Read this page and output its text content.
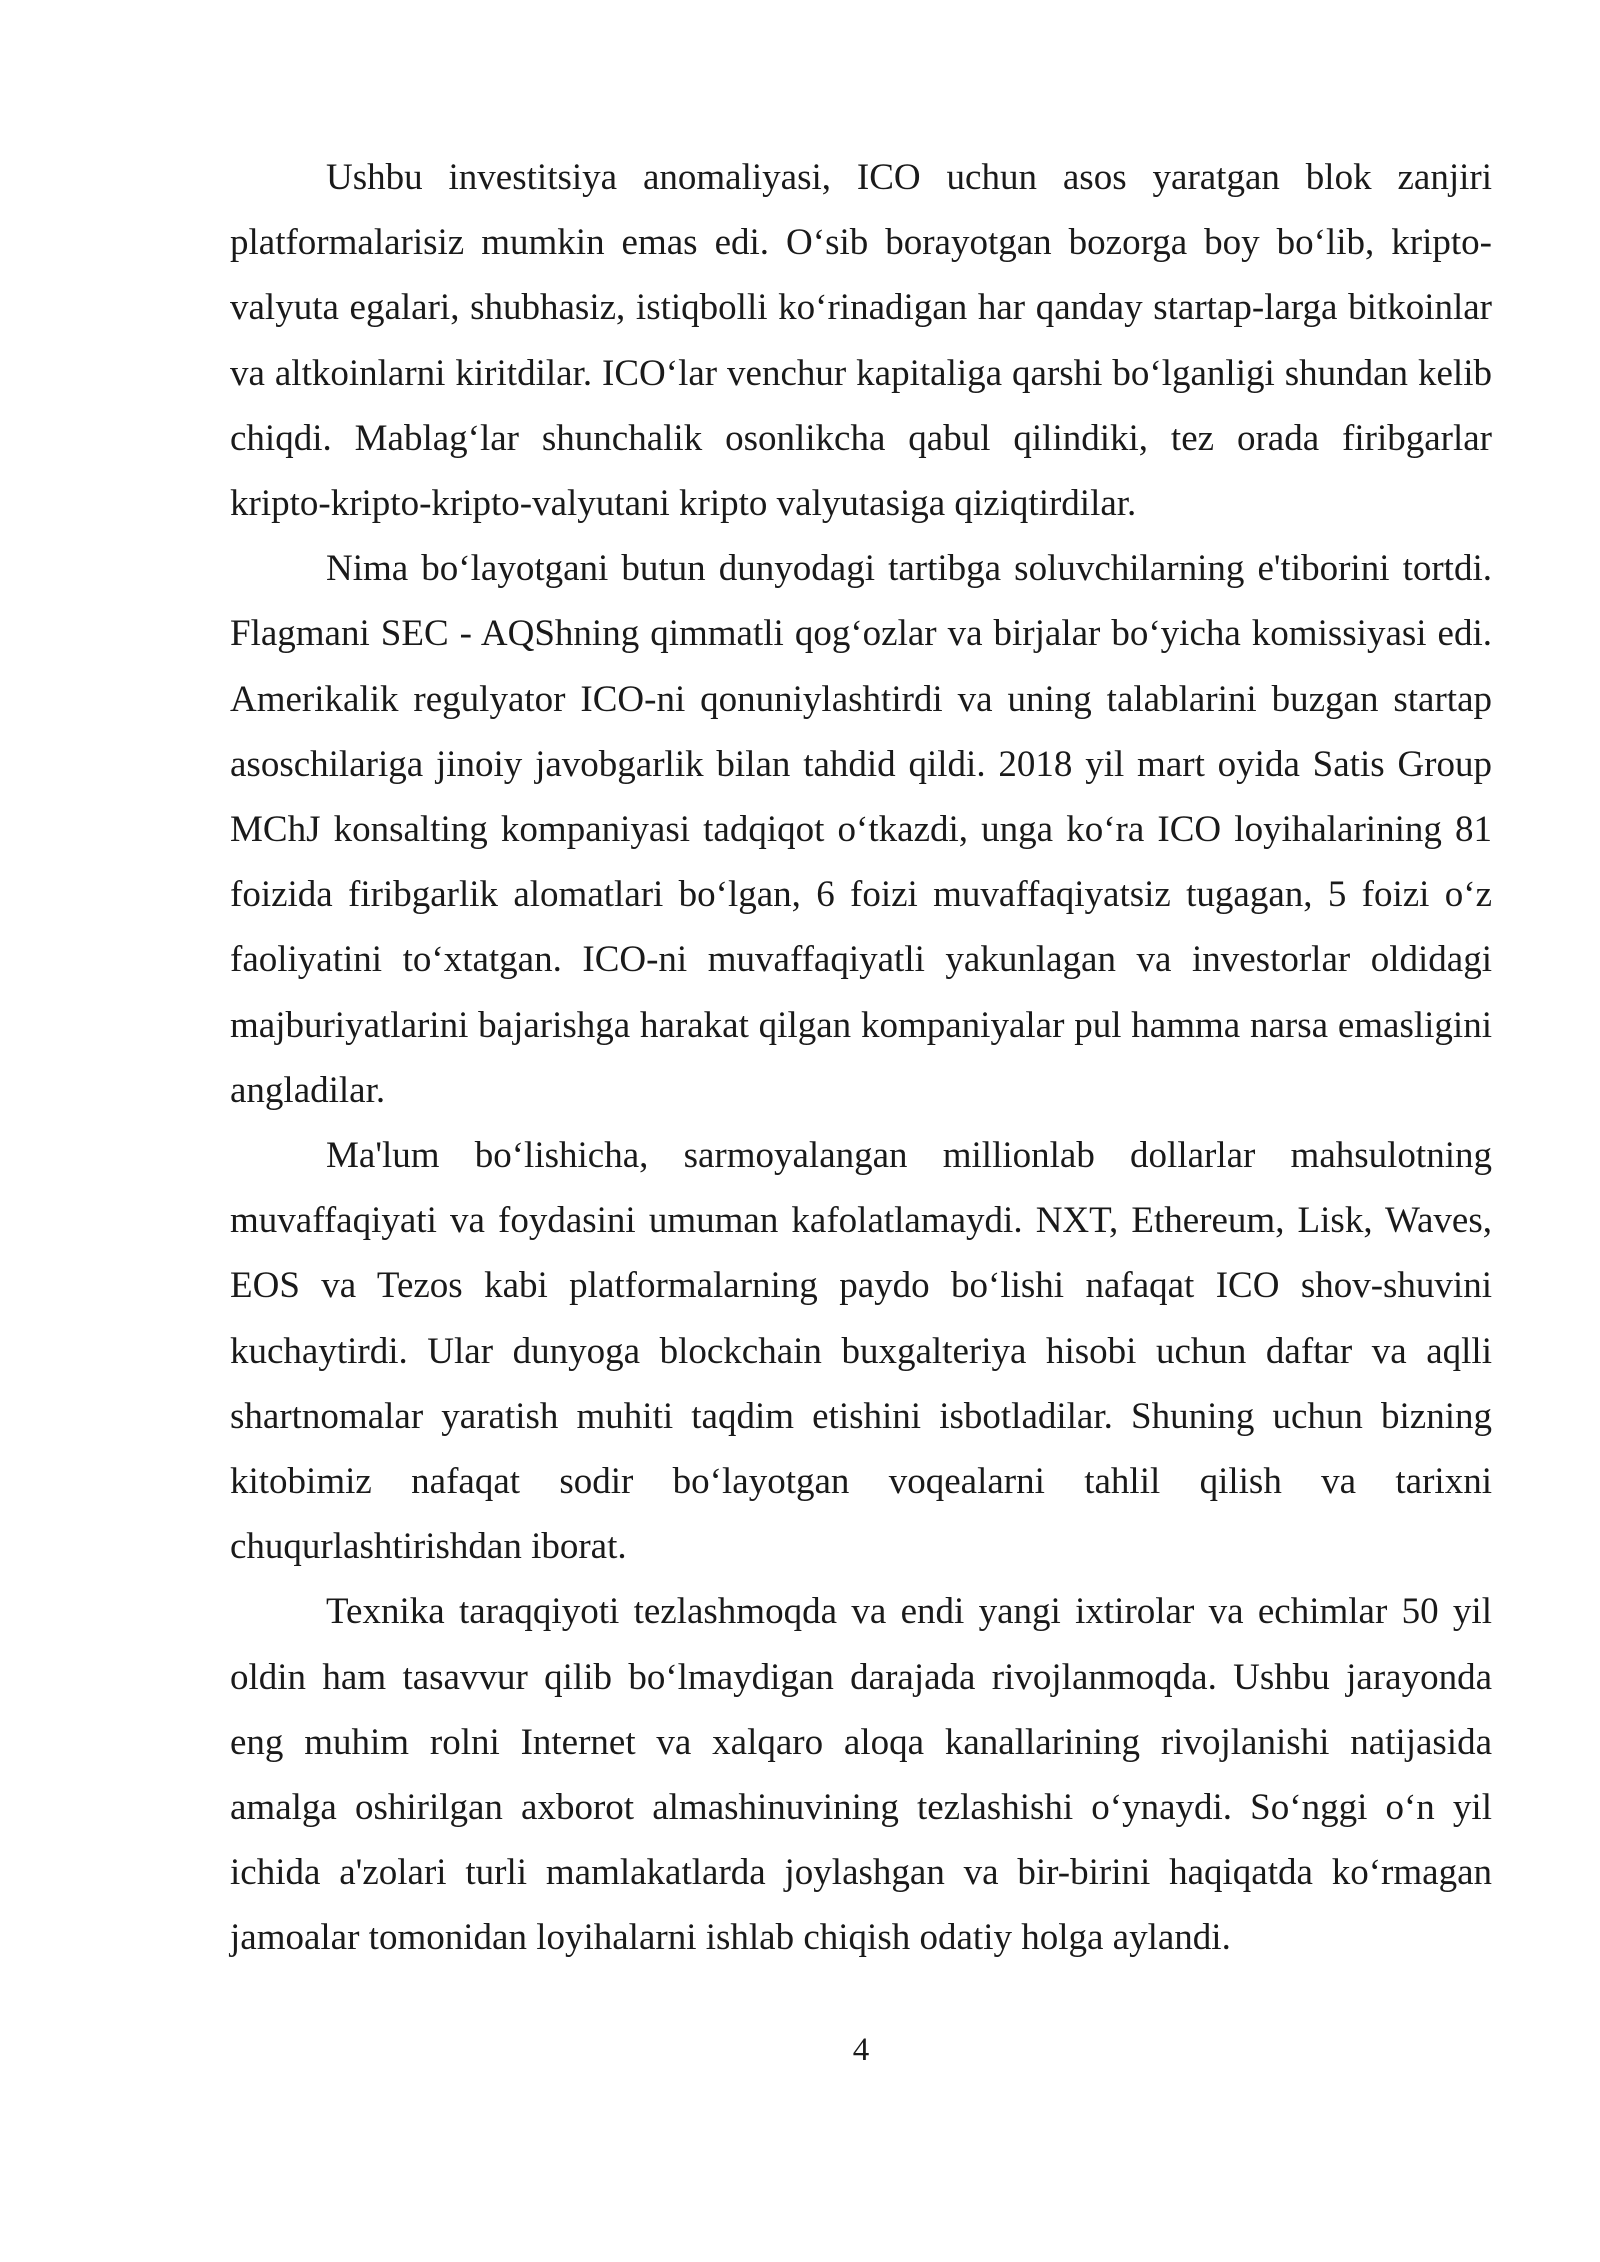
Ushbu investitsiya anomaliyasi, ICO uchun asos yaratgan blok zanjiri platformalarisiz mumkin emas edi. O‘sib borayotgan bozorga boy bo‘lib, kripto-valyuta egalari, shubhasiz, istiqbolli ko‘rinadigan har qanday startap-larga bitkoinlar va altkoinlarni kiritdilar. ICO‘lar venchur kapitaliga qarshi bo‘lganligi shundan kelib chiqdi. Mablag‘lar shunchalik osonlikcha qabul qilindiki, tez orada firibgarlar kripto-kripto-kripto-valyutani kripto valyutasiga qiziqtirdilar.

Nima bo‘layotgani butun dunyodagi tartibga soluvchilarning e'tiborini tortdi. Flagmani SEC - AQShning qimmatli qog‘ozlar va birjalar bo‘yicha komissiyasi edi. Amerikalik regulyator ICO-ni qonuniylashtirdi va uning talablarini buzgan startap asoschilariga jinoiy javobgarlik bilan tahdid qildi. 2018 yil mart oyida Satis Group MChJ konsalting kompaniyasi tadqiqot o‘tkazdi, unga ko‘ra ICO loyihalarining 81 foizida firibgarlik alomatlari bo‘lgan, 6 foizi muvaffaqiyatsiz tugagan, 5 foizi o‘z faoliyatini to‘xtatgan. ICO-ni muvaffaqiyatli yakunlagan va investorlar oldidagi majburiyatlarini bajarishga harakat qilgan kompaniyalar pul hamma narsa emasligini angladilar.

Ma'lum bo‘lishicha, sarmoyalangan millionlab dollarlar mahsulotning muvaffaqiyati va foydasini umuman kafolatlamaydi. NXT, Ethereum, Lisk, Waves, EOS va Tezos kabi platformalarning paydo bo‘lishi nafaqat ICO shov-shuvini kuchaytirdi. Ular dunyoga blockchain buxgalteriya hisobi uchun daftar va aqlli shartnomalar yaratish muhiti taqdim etishini isbotladilar. Shuning uchun bizning kitobimiz nafaqat sodir bo‘layotgan voqealarni tahlil qilish va tarixni chuqurlashtirishdan iborat.

Texnika taraqqiyoti tezlashmoqda va endi yangi ixtirolar va echimlar 50 yil oldin ham tasavvur qilib bo‘lmaydigan darajada rivojlanmoqda. Ushbu jarayonda eng muhim rolni Internet va xalqaro aloqa kanallarining rivojlanishi natijasida amalga oshirilgan axborot almashinuvining tezlashishi o‘ynaydi. So‘nggi o‘n yil ichida a'zolari turli mamlakatlarda joylashgan va bir-birini haqiqatda ko‘rmagan jamoalar tomonidan loyihalarni ishlab chiqish odatiy holga aylandi.

4
